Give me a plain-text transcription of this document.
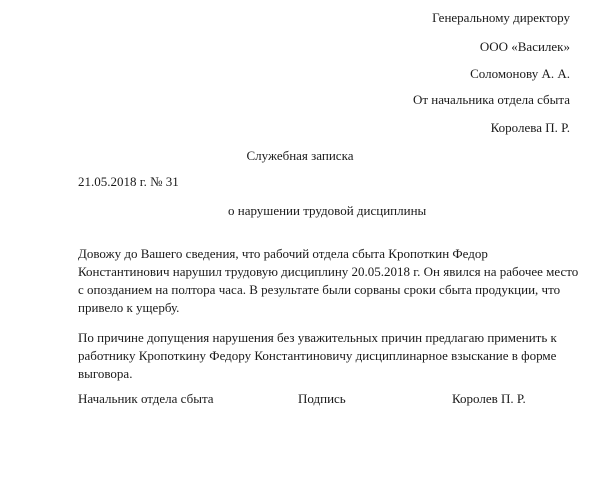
Генеральному директору
ООО «Василек»
Соломонову А. А.
От начальника отдела сбыта
Королева П. Р.
Служебная записка
21.05.2018 г. № 31
о нарушении трудовой дисциплины
Довожу до Вашего сведения, что рабочий отдела сбыта Кропоткин Федор
Константинович нарушил трудовую дисциплину 20.05.2018 г. Он явился на рабочее место
с опозданием на полтора часа. В результате были сорваны сроки сбыта продукции, что
привело к ущербу.
По причине допущения нарушения без уважительных причин предлагаю применить к
работнику Кропоткину Федору Константиновичу дисциплинарное взыскание в форме
выговора.
Начальник отдела сбыта	Подпись	Королев П. Р.
